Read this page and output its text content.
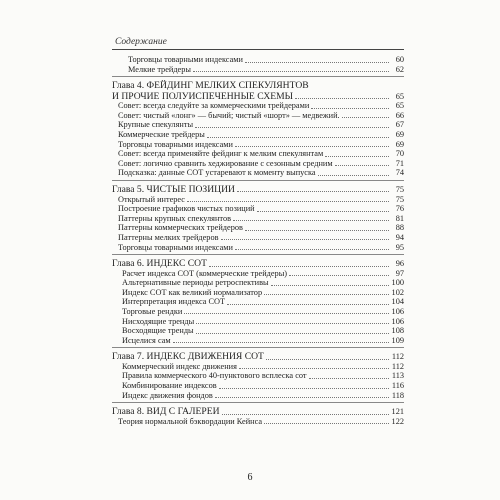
Содержание
Торговцы товарными индексами	60
Мелкие трейдеры	62
Глава 4. ФЕЙДИНГ МЕЛКИХ СПЕКУЛЯНТОВ
И ПРОЧИЕ ПОЛУИСПЕЧЕННЫЕ СХЕМЫ	65
Совет: всегда следуйте за коммерческими трейдерами	65
Совет: чистый «лонг» — бычий; чистый «шорт» — медвежий.	66
Крупные спекулянты	67
Коммерческие трейдеры	69
Торговцы товарными индексами	69
Совет: всегда применяйте фейдинг к мелким спекулянтам	70
Совет: логично сравнить хеджирование с сезонным средним	71
Подсказка: данные СОТ устаревают к моменту выпуска	74
Глава 5. ЧИСТЫЕ ПОЗИЦИИ	75
Открытый интерес	75
Построение графиков чистых позиций	76
Паттерны крупных спекулянтов	81
Паттерны коммерческих трейдеров	88
Паттерны мелких трейдеров	94
Торговцы товарными индексами	95
Глава 6. ИНДЕКС СОТ	96
Расчет индекса СОТ (коммерческие трейдеры)	97
Альтернативные периоды ретроспективы	100
Индекс СОТ как великий нормализатор	102
Интерпретация индекса СОТ	104
Торговые рендки	106
Нисходящие тренды	106
Восходящие тренды	108
Исцелися сам	109
Глава 7. ИНДЕКС ДВИЖЕНИЯ СОТ	112
Коммерческий индекс движения	112
Правила коммерческого 40-пунктового всплеска сот	113
Комбинирование индексов	116
Индекс движения фондов	118
Глава 8. ВИД С ГАЛЕРЕИ	121
Теория нормальной бэквордации Кейнса	122
6
